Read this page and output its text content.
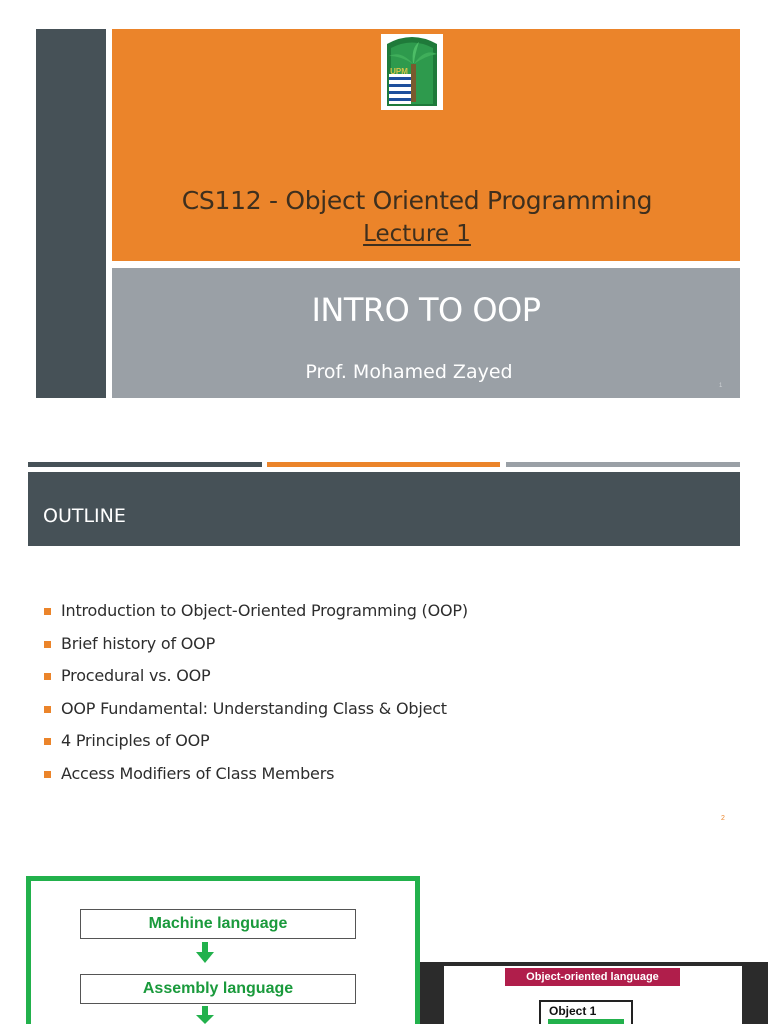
UPM
CS112 - Object Oriented Programming
Lecture 1
INTRO TO OOP
Prof. Mohamed Zayed
1
OUTLINE
Introduction to Object-Oriented Programming (OOP)
Brief history of OOP
Procedural vs. OOP
OOP Fundamental: Understanding Class & Object
4 Principles of OOP
Access Modifiers of Class Members
2
Machine language
Assembly language
Object-oriented language
Object 1
